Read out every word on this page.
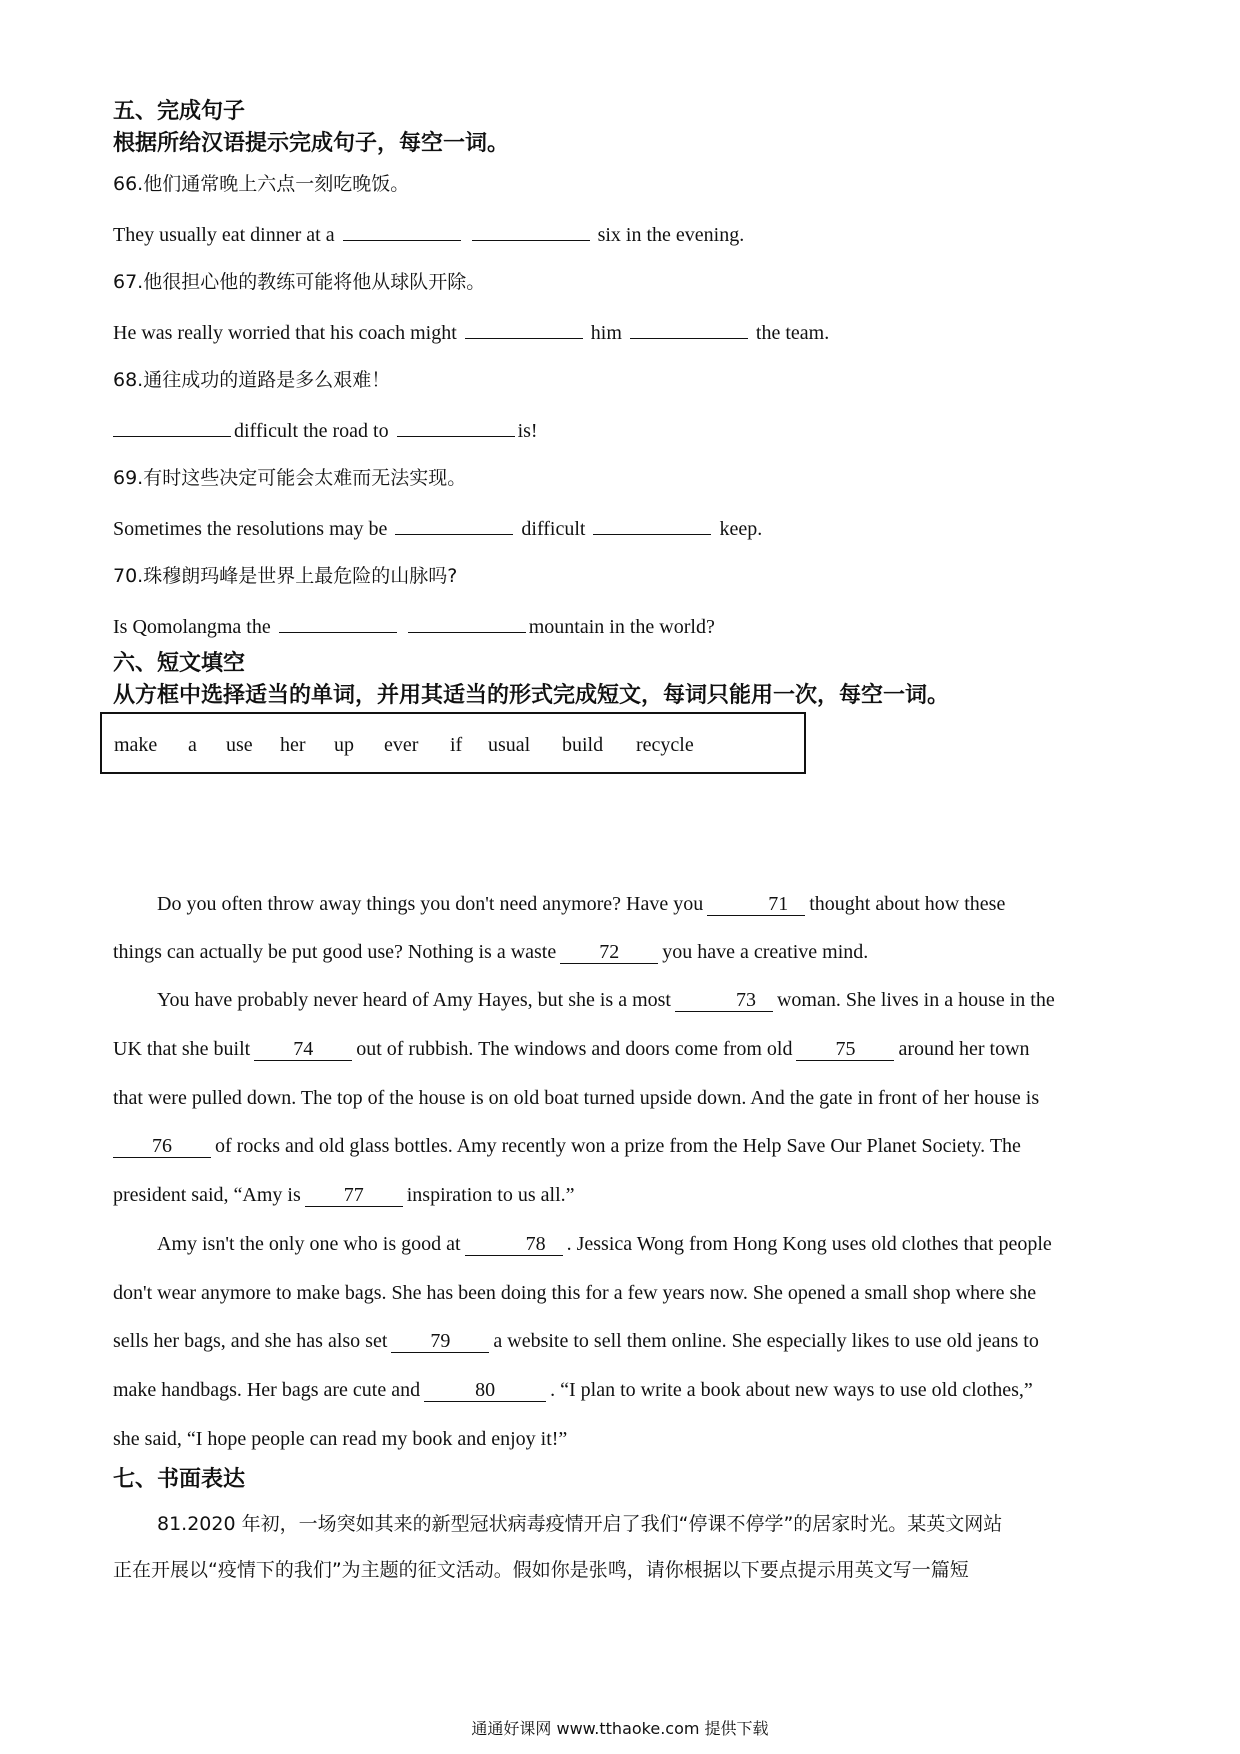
五、完成句子
根据所给汉语提示完成句子，每空一词。
66.他们通常晚上六点一刻吃晚饭。
They usually eat dinner at a	six in the evening.
67.他很担心他的教练可能将他从球队开除。
He was really worried that his coach might	him	the team.
68.通往成功的道路是多么艰难！
difficult the road to	is!
69.有时这些决定可能会太难而无法实现。
Sometimes the resolutions may be	difficult	keep.
70.珠穆朗玛峰是世界上最危险的山脉吗?
Is Qomolangma the	mountain in the world?
六、短文填空
从方框中选择适当的单词，并用其适当的形式完成短文，每词只能用一次，每空一词。
make a use her up ever if usual build recycle
Do you often throw away things you don't need anymore? Have you	71 thought about how these
things can actually be put good use? Nothing is a waste 72 you have a creative mind.
You have probably never heard of Amy Hayes, but she is a most	73 woman. She lives in a house in the
UK that she built 74 out of rubbish. The windows and doors come from old 75 around her town
that were pulled down. The top of the house is on old boat turned upside down. And the gate in front of her house is
76 of rocks and old glass bottles. Amy recently won a prize from the Help Save Our Planet Society. The
president said, “Amy is 77 inspiration to us all.”
Amy isn't the only one who is good at	78 . Jessica Wong from Hong Kong uses old clothes that people
don't wear anymore to make bags. She has been doing this for a few years now. She opened a small shop where she
sells her bags, and she has also set 79 a website to sell them online. She especially likes to use old jeans to
make handbags. Her bags are cute and	80	. “I plan to write a book about new ways to use old clothes,”
she said, “I hope people can read my book and enjoy it!”
七、书面表达
81.2020 年初，一场突如其来的新型冠状病毒疫情开启了我们“停课不停学”的居家时光。某英文网站
正在开展以“疫情下的我们”为主题的征文活动。假如你是张鸣，请你根据以下要点提示用英文写一篇短
通通好课网 www.tthaoke.com 提供下载
